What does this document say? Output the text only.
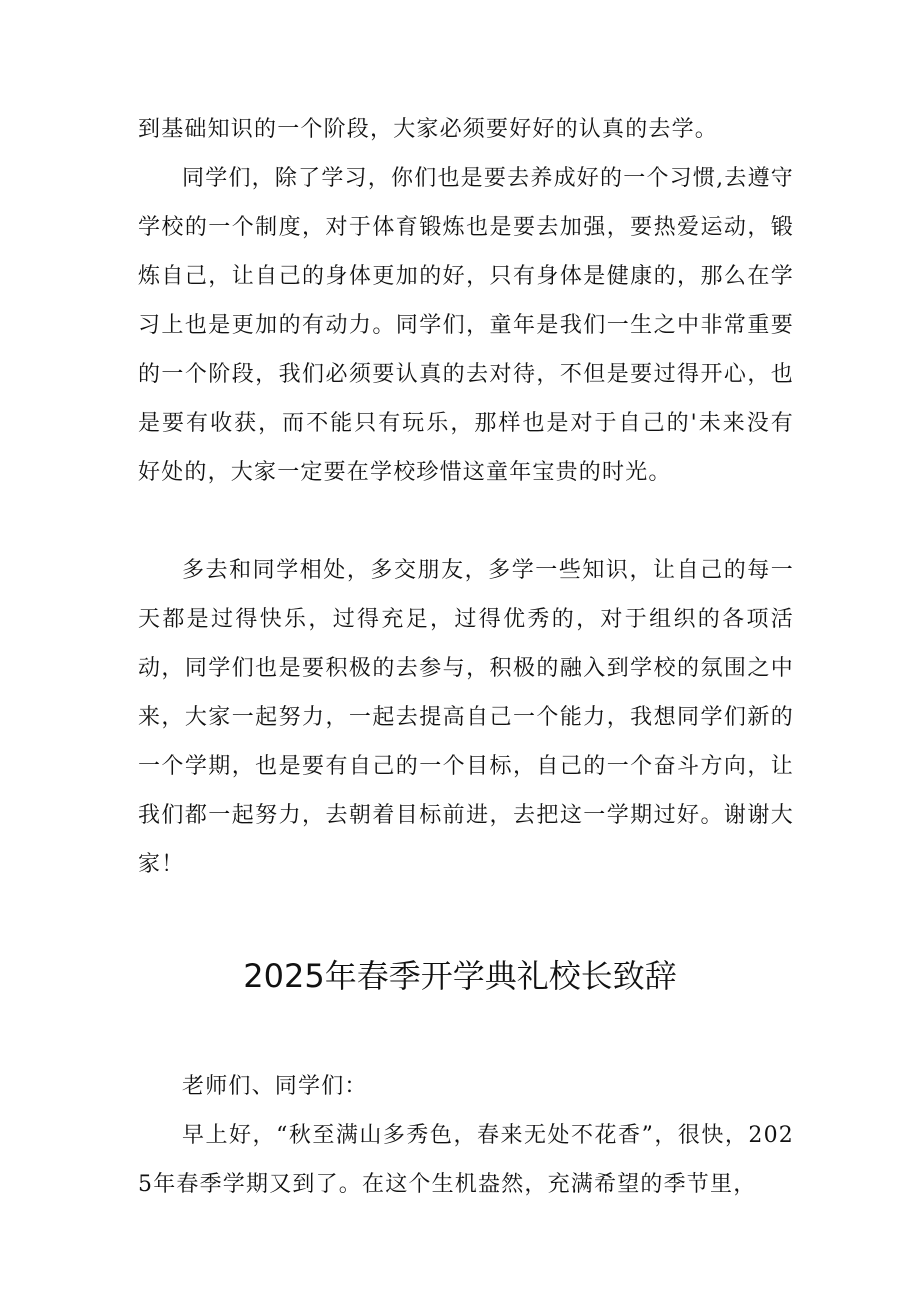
到基础知识的一个阶段，大家必须要好好的认真的去学。

同学们，除了学习，你们也是要去养成好的一个习惯,去遵守学校的一个制度，对于体育锻炼也是要去加强，要热爱运动，锻炼自己，让自己的身体更加的好，只有身体是健康的，那么在学习上也是更加的有动力。同学们，童年是我们一生之中非常重要的一个阶段，我们必须要认真的去对待，不但是要过得开心，也是要有收获，而不能只有玩乐，那样也是对于自己的'未来没有好处的，大家一定要在学校珍惜这童年宝贵的时光。

多去和同学相处，多交朋友，多学一些知识，让自己的每一天都是过得快乐，过得充足，过得优秀的，对于组织的各项活动，同学们也是要积极的去参与，积极的融入到学校的氛围之中来，大家一起努力，一起去提高自己一个能力，我想同学们新的一个学期，也是要有自己的一个目标，自己的一个奋斗方向，让我们都一起努力，去朝着目标前进，去把这一学期过好。谢谢大家！

2025年春季开学典礼校长致辞

老师们、同学们：

早上好，“秋至满山多秀色，春来无处不花香”，很快，2025年春季学期又到了。在这个生机盎然，充满希望的季节里，
